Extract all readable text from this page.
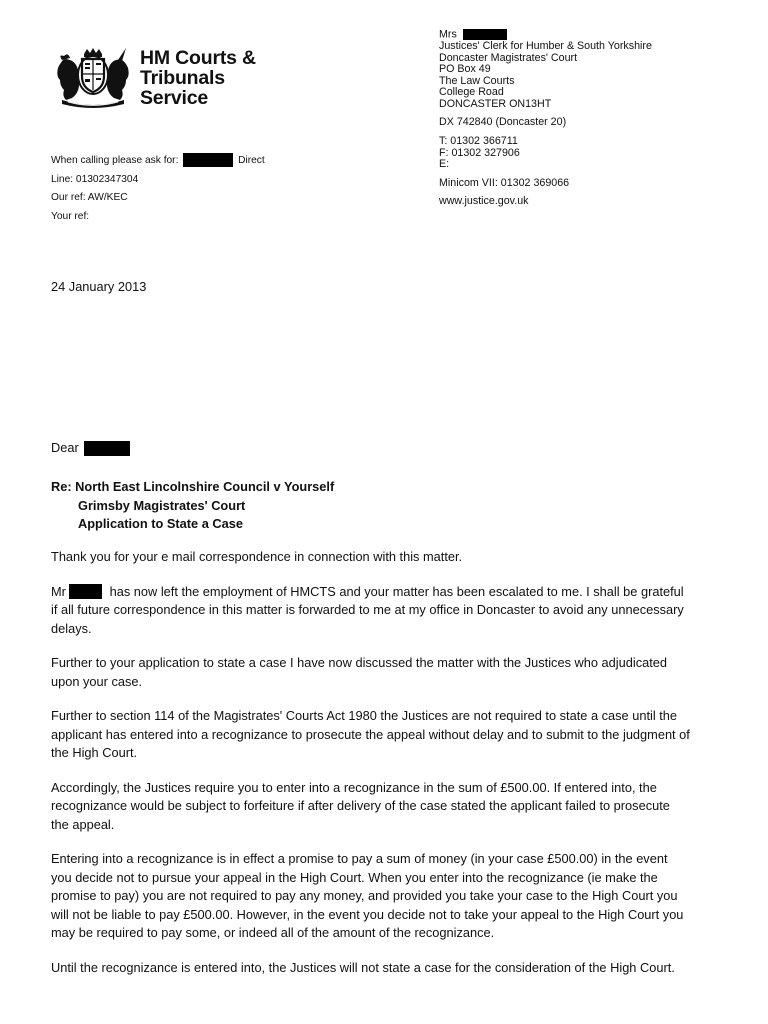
HM Courts &
Tribunals
Service
Mrs
Justices' Clerk for Humber & South Yorkshire
Doncaster Magistrates' Court
PO Box 49
The Law Courts
College Road
DONCASTER ON13HT
DX 742840 (Doncaster 20)
T: 01302 366711
F: 01302 327906
E:
Minicom VII: 01302 369066
www.justice.gov.uk
When calling please ask for:	Direct
Line: 01302347304
Our ref: AW/KEC
Your ref:
24 January 2013
Dear
Re: North East Lincolnshire Council v Yourself
Grimsby Magistrates' Court
Application to State a Case

Thank you for your e mail correspondence in connection with this matter.

Mr	has now left the employment of HMCTS and your matter has been escalated to me. I shall be grateful if all future correspondence in this matter is forwarded to me at my office in Doncaster to avoid any unnecessary delays.

Further to your application to state a case I have now discussed the matter with the Justices who adjudicated upon your case.

Further to section 114 of the Magistrates' Courts Act 1980 the Justices are not required to state a case until the applicant has entered into a recognizance to prosecute the appeal without delay and to submit to the judgment of the High Court.

Accordingly, the Justices require you to enter into a recognizance in the sum of £500.00. If entered into, the recognizance would be subject to forfeiture if after delivery of the case stated the applicant failed to prosecute the appeal.

Entering into a recognizance is in effect a promise to pay a sum of money (in your case £500.00) in the event you decide not to pursue your appeal in the High Court. When you enter into the recognizance (ie make the promise to pay) you are not required to pay any money, and provided you take your case to the High Court you will not be liable to pay £500.00. However, in the event you decide not to take your appeal to the High Court you may be required to pay some, or indeed all of the amount of the recognizance.

Until the recognizance is entered into, the Justices will not state a case for the consideration of the High Court.
